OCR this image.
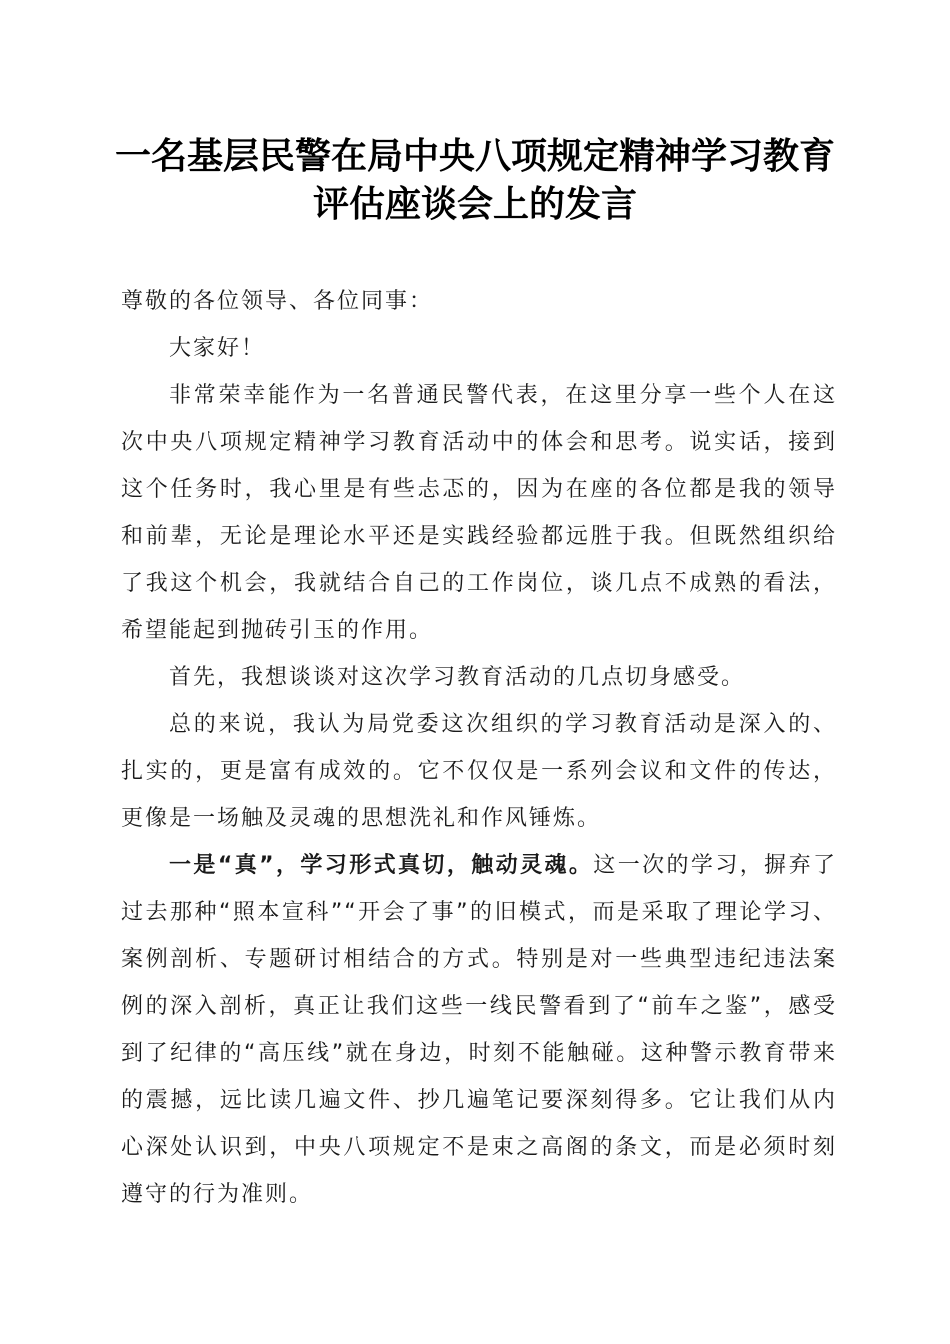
一名基层民警在局中央八项规定精神学习教育
评估座谈会上的发言

尊敬的各位领导、各位同事：

大家好！

非常荣幸能作为一名普通民警代表，在这里分享一些个人在这次中央八项规定精神学习教育活动中的体会和思考。说实话，接到这个任务时，我心里是有些忐忑的，因为在座的各位都是我的领导和前辈，无论是理论水平还是实践经验都远胜于我。但既然组织给了我这个机会，我就结合自己的工作岗位，谈几点不成熟的看法，希望能起到抛砖引玉的作用。

首先，我想谈谈对这次学习教育活动的几点切身感受。

总的来说，我认为局党委这次组织的学习教育活动是深入的、扎实的，更是富有成效的。它不仅仅是一系列会议和文件的传达，更像是一场触及灵魂的思想洗礼和作风锤炼。

一是“真”，学习形式真切，触动灵魂。这一次的学习，摒弃了过去那种“照本宣科”“开会了事”的旧模式，而是采取了理论学习、案例剖析、专题研讨相结合的方式。特别是对一些典型违纪违法案例的深入剖析，真正让我们这些一线民警看到了“前车之鉴”，感受到了纪律的“高压线”就在身边，时刻不能触碰。这种警示教育带来的震撼，远比读几遍文件、抄几遍笔记要深刻得多。它让我们从内心深处认识到，中央八项规定不是束之高阁的条文，而是必须时刻遵守的行为准则。
